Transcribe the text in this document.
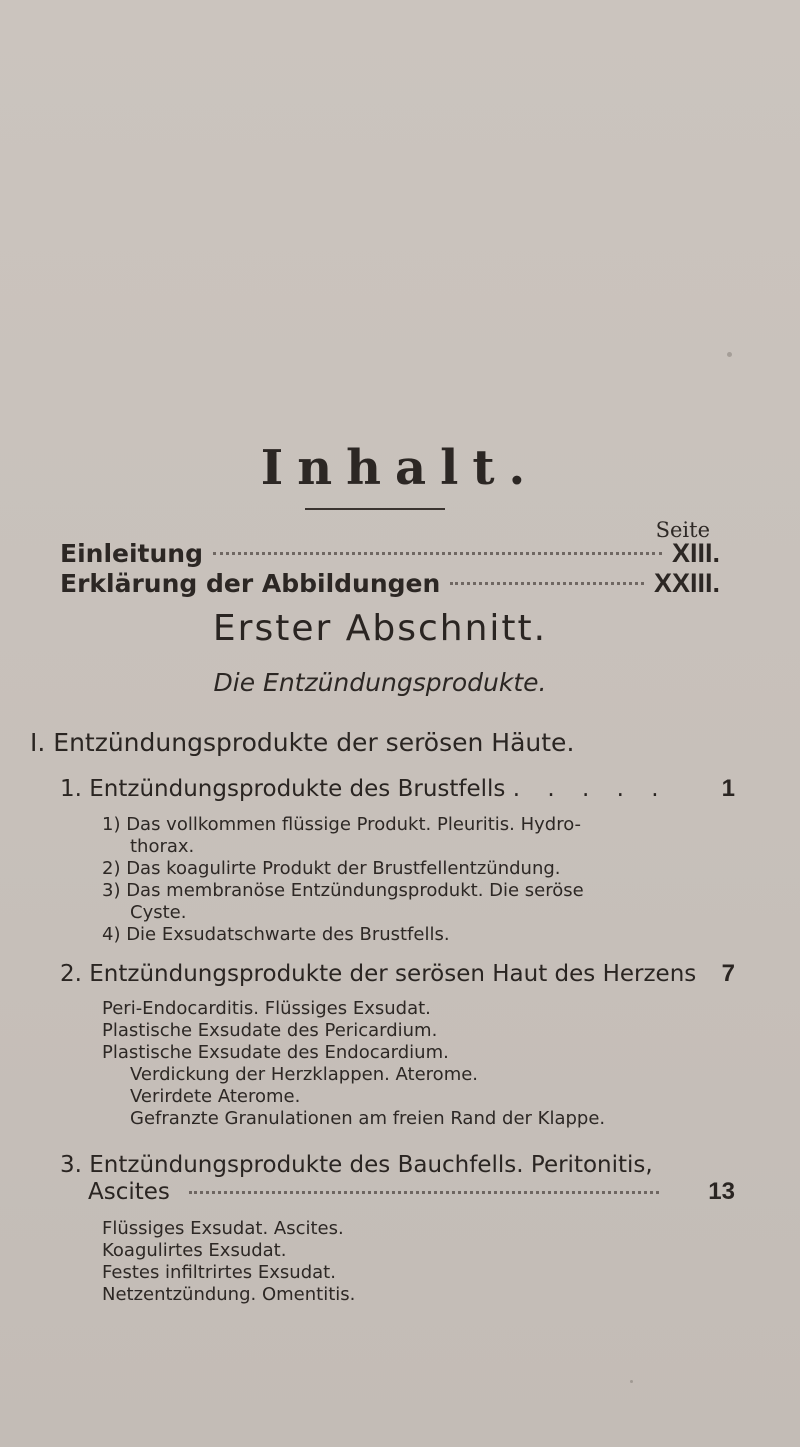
Inhalt.
Seite
Einleitung	XIII.
Erklärung der Abbildungen	XXIII.
Erster Abschnitt.
Die Entzündungsprodukte.
I. Entzündungsprodukte der serösen Häute.
1. Entzündungsprodukte des Brustfells . . . . . 1
1) Das vollkommen flüssige Produkt. Pleuritis. Hydro-
thorax.
2) Das koagulirte Produkt der Brustfellentzündung.
3) Das membranöse Entzündungsprodukt. Die seröse
Cyste.
4) Die Exsudatschwarte des Brustfells.
2. Entzündungsprodukte der serösen Haut des Herzens 7
Peri-Endocarditis. Flüssiges Exsudat.
Plastische Exsudate des Pericardium.
Plastische Exsudate des Endocardium.
Verdickung der Herzklappen. Aterome.
Verirdete Aterome.
Gefranzte Granulationen am freien Rand der Klappe.
3. Entzündungsprodukte des Bauchfells. Peritonitis,
Ascites	13
Flüssiges Exsudat. Ascites.
Koagulirtes Exsudat.
Festes infiltrirtes Exsudat.
Netzentzündung. Omentitis.
